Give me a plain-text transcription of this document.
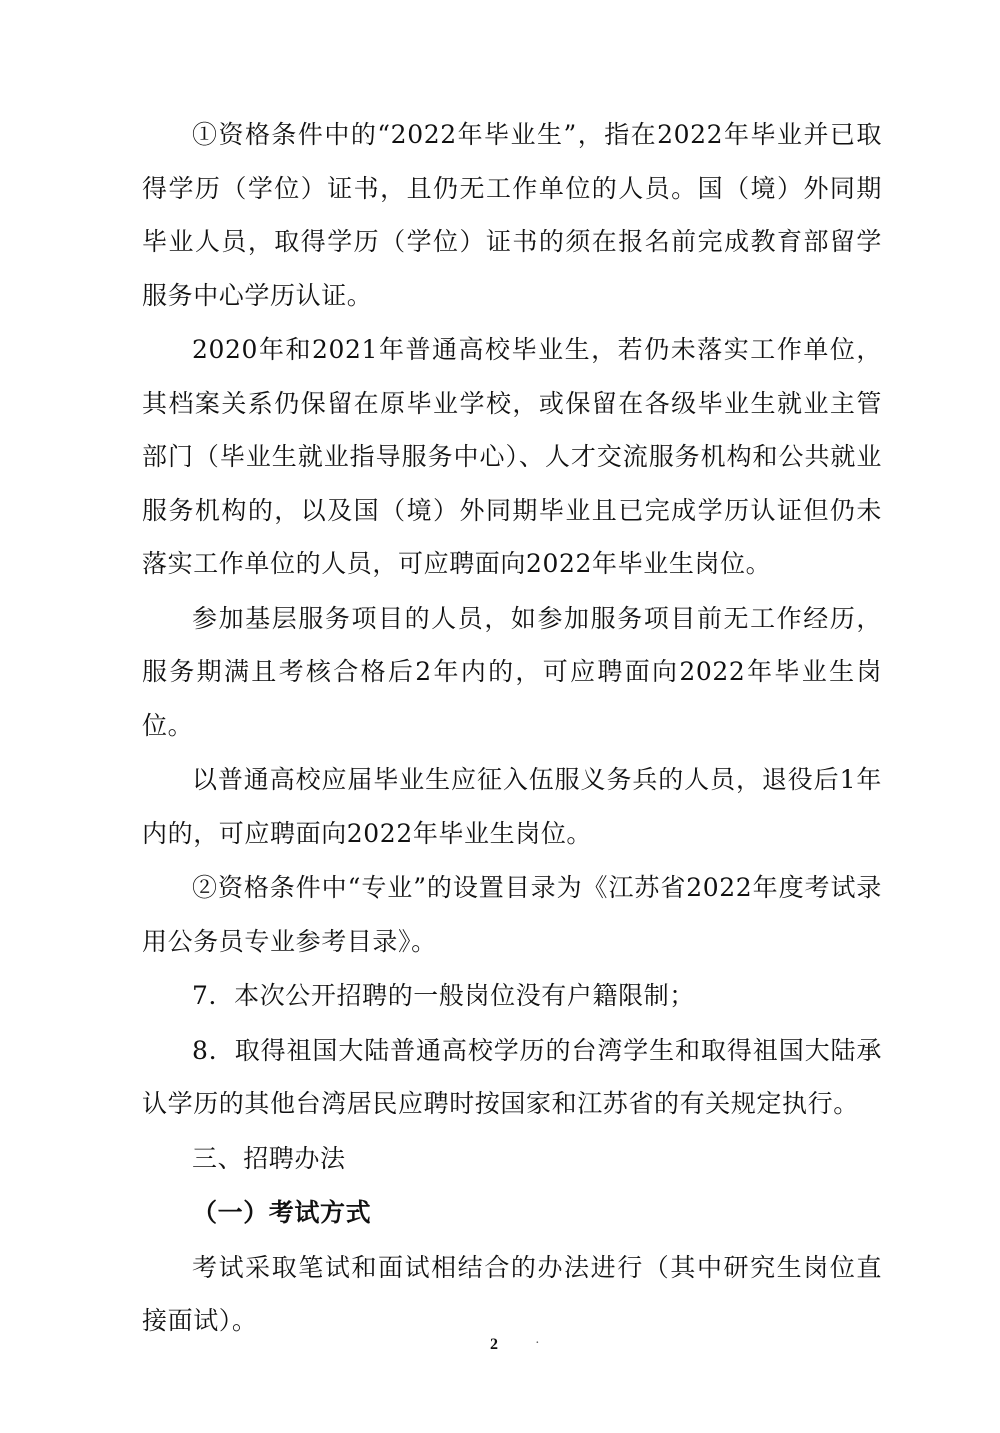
①资格条件中的“2022年毕业生”，指在2022年毕业并已取得学历（学位）证书，且仍无工作单位的人员。国（境）外同期毕业人员，取得学历（学位）证书的须在报名前完成教育部留学服务中心学历认证。

2020年和2021年普通高校毕业生，若仍未落实工作单位，其档案关系仍保留在原毕业学校，或保留在各级毕业生就业主管部门（毕业生就业指导服务中心）、人才交流服务机构和公共就业服务机构的，以及国（境）外同期毕业且已完成学历认证但仍未落实工作单位的人员，可应聘面向2022年毕业生岗位。

参加基层服务项目的人员，如参加服务项目前无工作经历，服务期满且考核合格后2年内的，可应聘面向2022年毕业生岗位。

以普通高校应届毕业生应征入伍服义务兵的人员，退役后1年内的，可应聘面向2022年毕业生岗位。

②资格条件中“专业”的设置目录为《江苏省2022年度考试录用公务员专业参考目录》。

7．本次公开招聘的一般岗位没有户籍限制；

8．取得祖国大陆普通高校学历的台湾学生和取得祖国大陆承认学历的其他台湾居民应聘时按国家和江苏省的有关规定执行。

三、招聘办法

（一）考试方式

考试采取笔试和面试相结合的办法进行（其中研究生岗位直接面试）。

2	·
